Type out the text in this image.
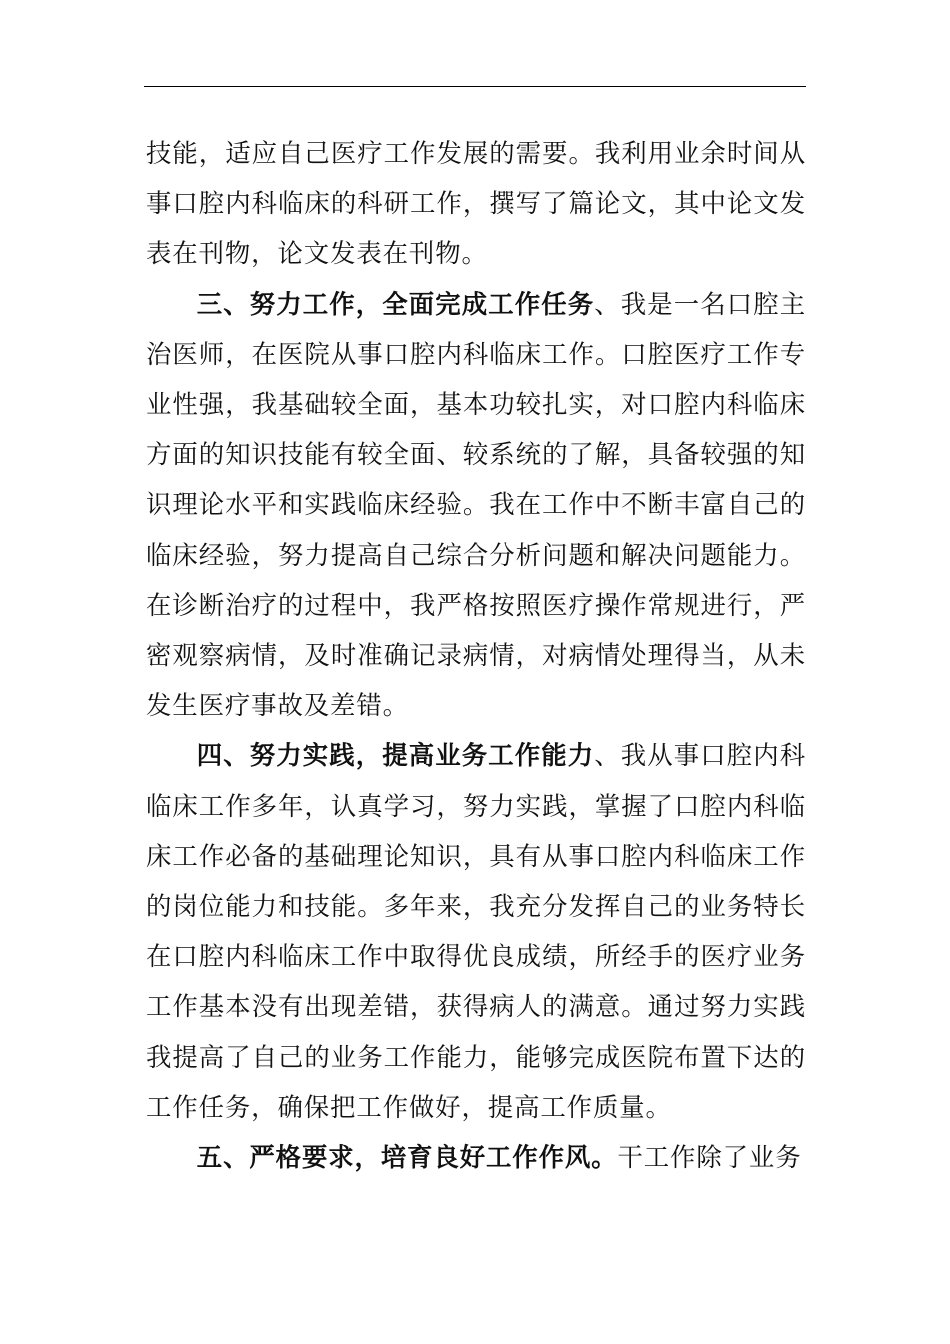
技能，适应自己医疗工作发展的需要。我利用业余时间从事口腔内科临床的科研工作，撰写了篇论文，其中论文发表在刊物，论文发表在刊物。

三、努力工作，全面完成工作任务、我是一名口腔主治医师，在医院从事口腔内科临床工作。口腔医疗工作专业性强，我基础较全面，基本功较扎实，对口腔内科临床方面的知识技能有较全面、较系统的了解，具备较强的知识理论水平和实践临床经验。我在工作中不断丰富自己的临床经验，努力提高自己综合分析问题和解决问题能力。在诊断治疗的过程中，我严格按照医疗操作常规进行，严密观察病情，及时准确记录病情，对病情处理得当，从未发生医疗事故及差错。

四、努力实践，提高业务工作能力、我从事口腔内科临床工作多年，认真学习，努力实践，掌握了口腔内科临床工作必备的基础理论知识，具有从事口腔内科临床工作的岗位能力和技能。多年来，我充分发挥自己的业务特长在口腔内科临床工作中取得优良成绩，所经手的医疗业务工作基本没有出现差错，获得病人的满意。通过努力实践我提高了自己的业务工作能力，能够完成医院布置下达的工作任务，确保把工作做好，提高工作质量。

五、严格要求，培育良好工作作风。干工作除了业务
